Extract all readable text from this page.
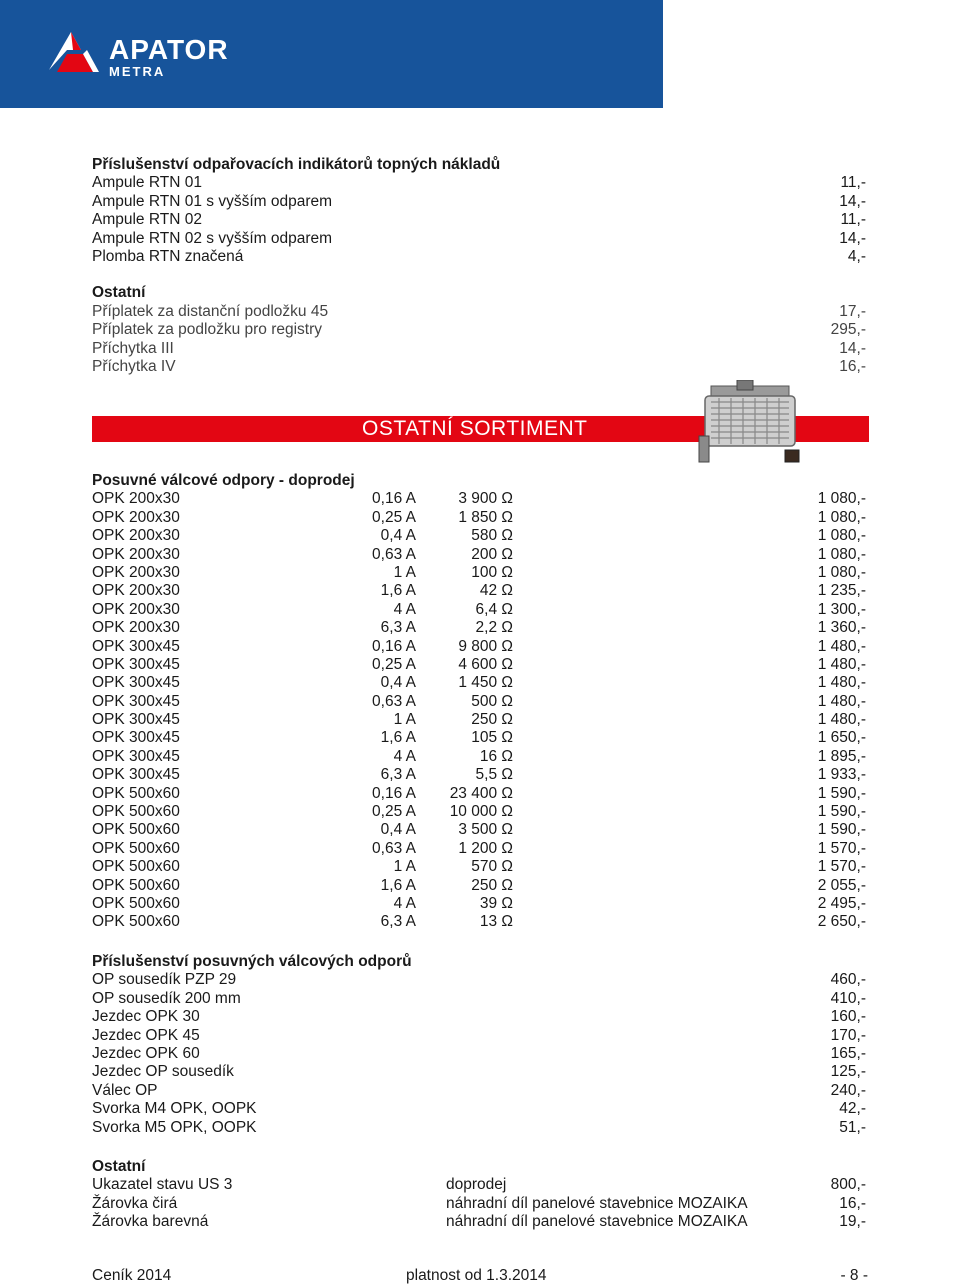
APATOR
METRA
Příslušenství odpařovacích indikátorů topných nákladů
Ampule RTN 01	11,-
Ampule RTN 01 s vyšším odparem	14,-
Ampule RTN 02	11,-
Ampule RTN 02 s vyšším odparem	14,-
Plomba RTN značená	4,-
Ostatní
Příplatek za distanční podložku 45	17,-
Příplatek za podložku pro registry	295,-
Příchytka III	14,-
Příchytka IV	16,-
OSTATNÍ SORTIMENT
Posuvné válcové odpory - doprodej
OPK 200x30	0,16 A	3 900 Ω	1 080,-
OPK 200x30	0,25 A	1 850 Ω	1 080,-
OPK 200x30	0,4 A	580 Ω	1 080,-
OPK 200x30	0,63 A	200 Ω	1 080,-
OPK 200x30	1 A	100 Ω	1 080,-
OPK 200x30	1,6 A	42 Ω	1 235,-
OPK 200x30	4 A	6,4 Ω	1 300,-
OPK 200x30	6,3 A	2,2 Ω	1 360,-
OPK 300x45	0,16 A	9 800 Ω	1 480,-
OPK 300x45	0,25 A	4 600 Ω	1 480,-
OPK 300x45	0,4 A	1 450 Ω	1 480,-
OPK 300x45	0,63 A	500 Ω	1 480,-
OPK 300x45	1 A	250 Ω	1 480,-
OPK 300x45	1,6 A	105 Ω	1 650,-
OPK 300x45	4 A	16 Ω	1 895,-
OPK 300x45	6,3 A	5,5 Ω	1 933,-
OPK 500x60	0,16 A 23 400 Ω	1 590,-
OPK 500x60	0,25 A 10 000 Ω	1 590,-
OPK 500x60	0,4 A	3 500 Ω	1 590,-
OPK 500x60	0,63 A	1 200 Ω	1 570,-
OPK 500x60	1 A	570 Ω	1 570,-
OPK 500x60	1,6 A	250 Ω	2 055,-
OPK 500x60	4 A	39 Ω	2 495,-
OPK 500x60	6,3 A	13 Ω	2 650,-
Příslušenství posuvných válcových odporů
OP sousedík PZP 29	460,-
OP sousedík 200 mm	410,-
Jezdec OPK 30	160,-
Jezdec OPK 45	170,-
Jezdec OPK 60	165,-
Jezdec OP sousedík	125,-
Válec OP	240,-
Svorka M4 OPK, OOPK	42,-
Svorka M5 OPK, OOPK	51,-
Ostatní
Ukazatel stavu US 3	doprodej	800,-
Žárovka čirá	náhradní díl panelové stavebnice MOZAIKA	16,-
Žárovka barevná	náhradní díl panelové stavebnice MOZAIKA	19,-
Ceník 2014	platnost od 1.3.2014	- 8 -
